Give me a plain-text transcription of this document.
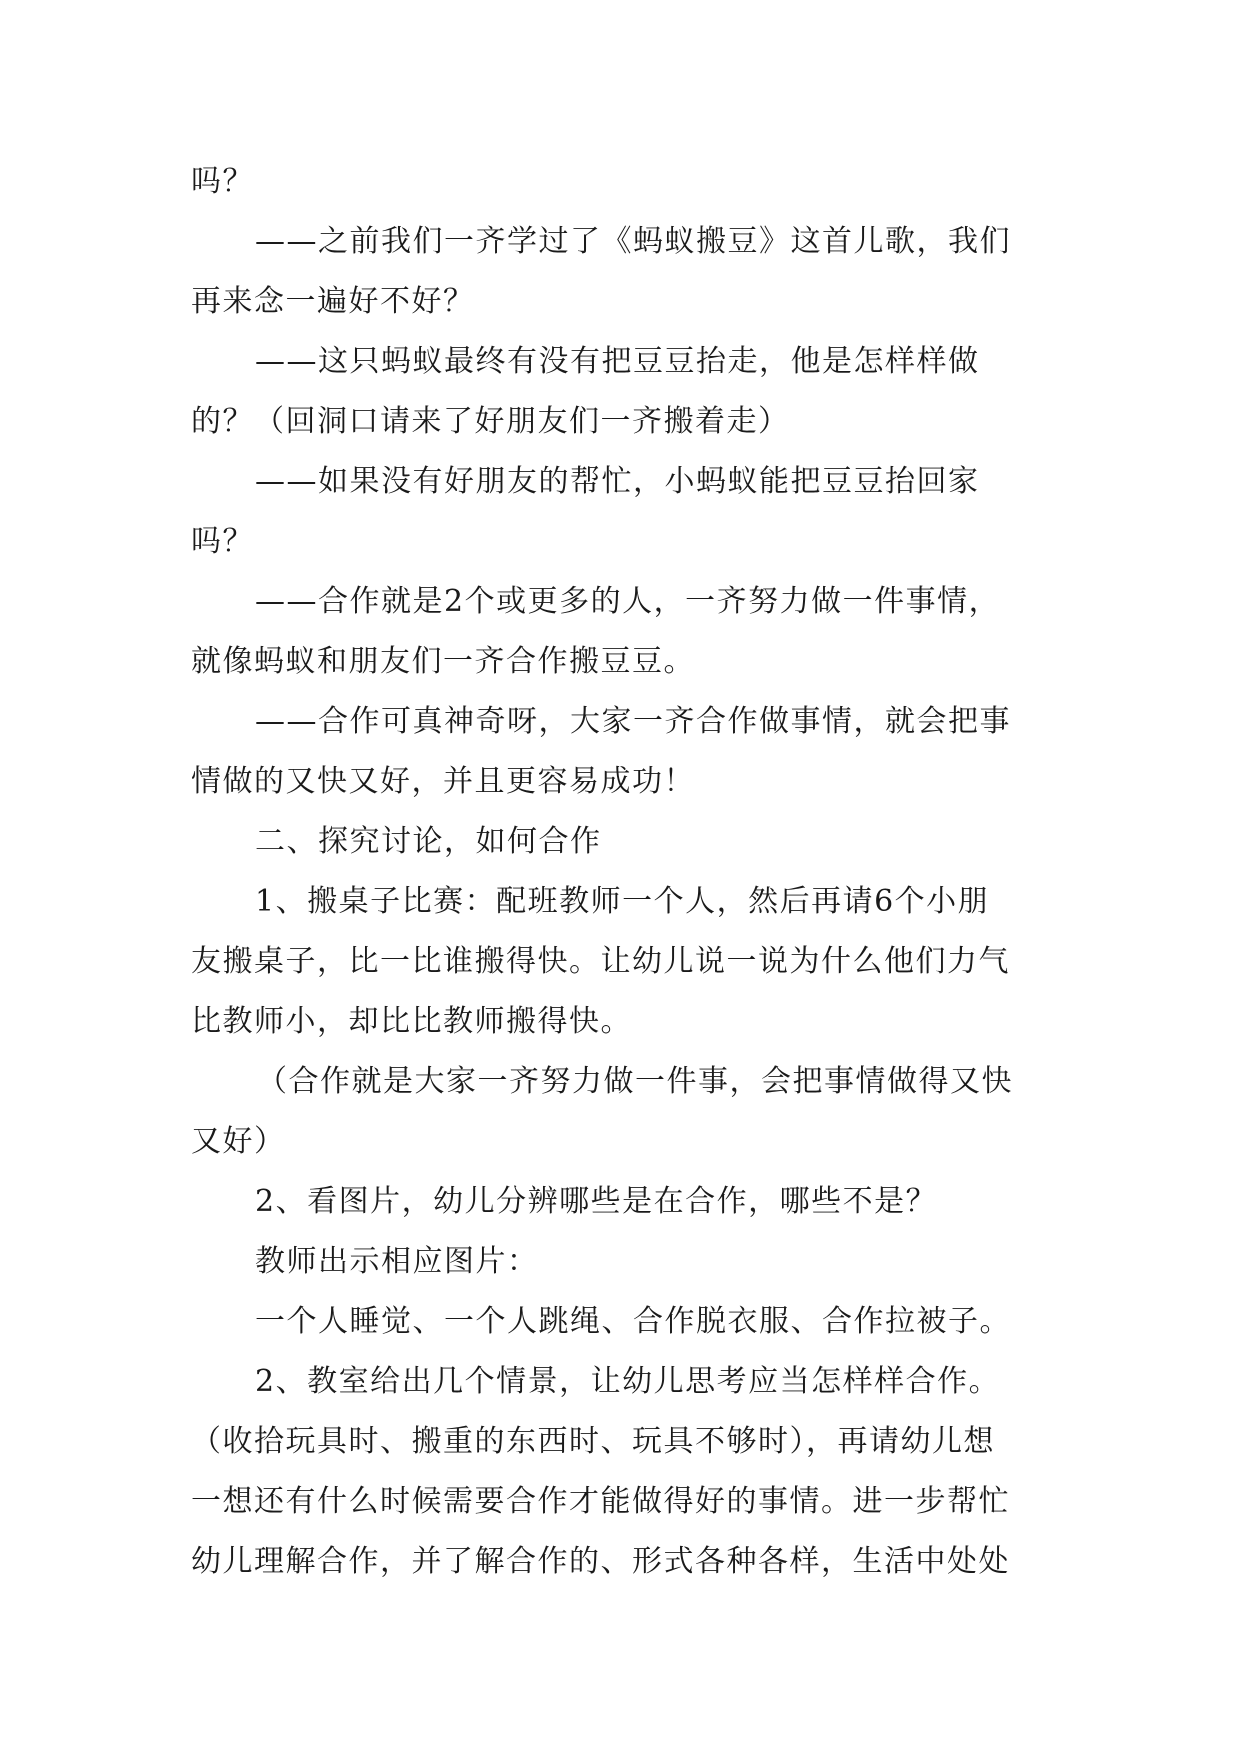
吗？
——之前我们一齐学过了《蚂蚁搬豆》这首儿歌，我们
再来念一遍好不好？
——这只蚂蚁最终有没有把豆豆抬走，他是怎样样做
的？（回洞口请来了好朋友们一齐搬着走）
——如果没有好朋友的帮忙，小蚂蚁能把豆豆抬回家
吗？
——合作就是2个或更多的人，一齐努力做一件事情，
就像蚂蚁和朋友们一齐合作搬豆豆。
——合作可真神奇呀，大家一齐合作做事情，就会把事
情做的又快又好，并且更容易成功！
二、探究讨论，如何合作
1、搬桌子比赛：配班教师一个人，然后再请6个小朋
友搬桌子，比一比谁搬得快。让幼儿说一说为什么他们力气
比教师小，却比比教师搬得快。
（合作就是大家一齐努力做一件事，会把事情做得又快
又好）
2、看图片，幼儿分辨哪些是在合作，哪些不是？
教师出示相应图片：
一个人睡觉、一个人跳绳、合作脱衣服、合作拉被子。
2、教室给出几个情景，让幼儿思考应当怎样样合作。
（收拾玩具时、搬重的东西时、玩具不够时），再请幼儿想
一想还有什么时候需要合作才能做得好的事情。进一步帮忙
幼儿理解合作，并了解合作的、形式各种各样，生活中处处
